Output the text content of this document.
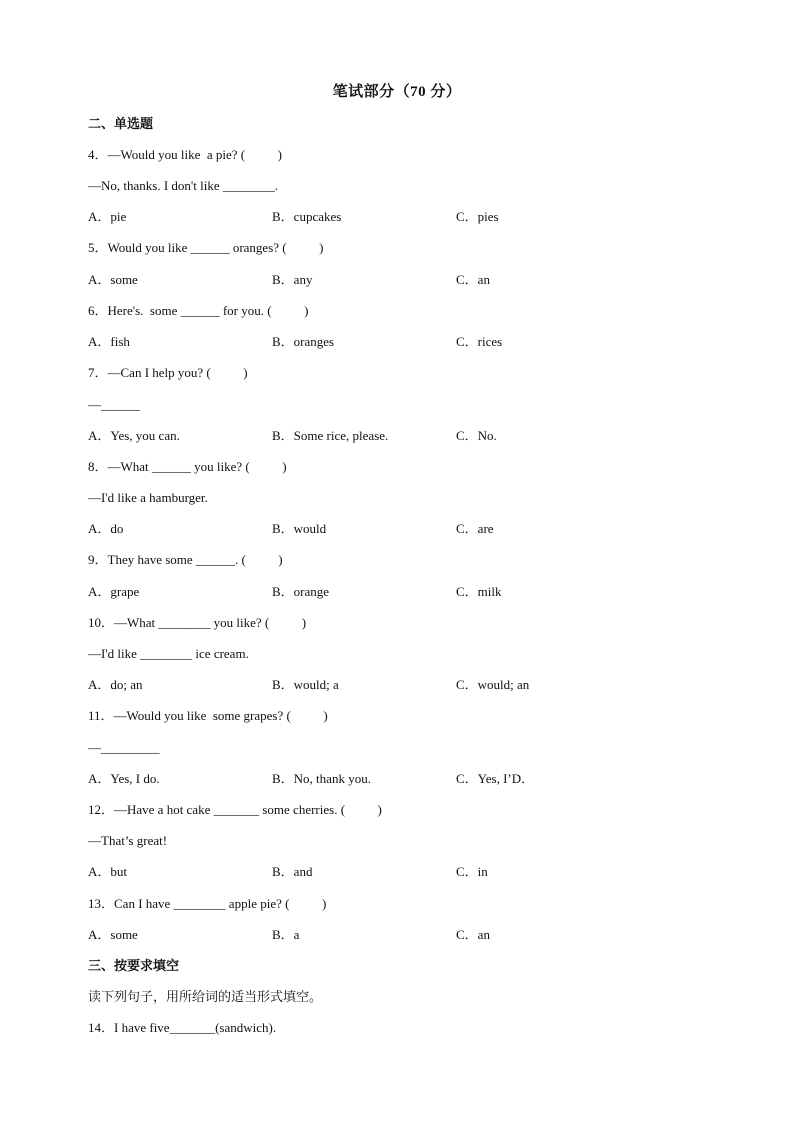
笔试部分（70 分）
二、单选题
4．—Would you like  a pie? (          )
—No, thanks. I don't like ________.
A．pie	B．cupcakes	C．pies
5．Would you like ______ oranges? (          )
A．some	B．any	C．an
6．Here's.  some ______ for you. (          )
A．fish	B．oranges	C．rices
7．—Can I help you? (          )
—______
A．Yes, you can.	B．Some rice, please.	C．No.
8．—What ______ you like? (          )
—I'd like a hamburger.
A．do	B．would	C．are
9．They have some ______. (          )
A．grape	B．orange	C．milk
10．—What ________ you like? (          )
—I'd like ________ ice cream.
A．do; an	B．would; a	C．would; an
11．—Would you like  some grapes? (          )
—_________
A．Yes, I do.	B．No, thank you.	C．Yes, I’D．
12．—Have a hot cake _______ some cherries. (          )
—That’s great!
A．but	B．and	C．in
13．Can I have ________ apple pie? (          )
A．some	B．a	C．an
三、按要求填空
读下列句子，用所给词的适当形式填空。
14．I have five_______(sandwich).
